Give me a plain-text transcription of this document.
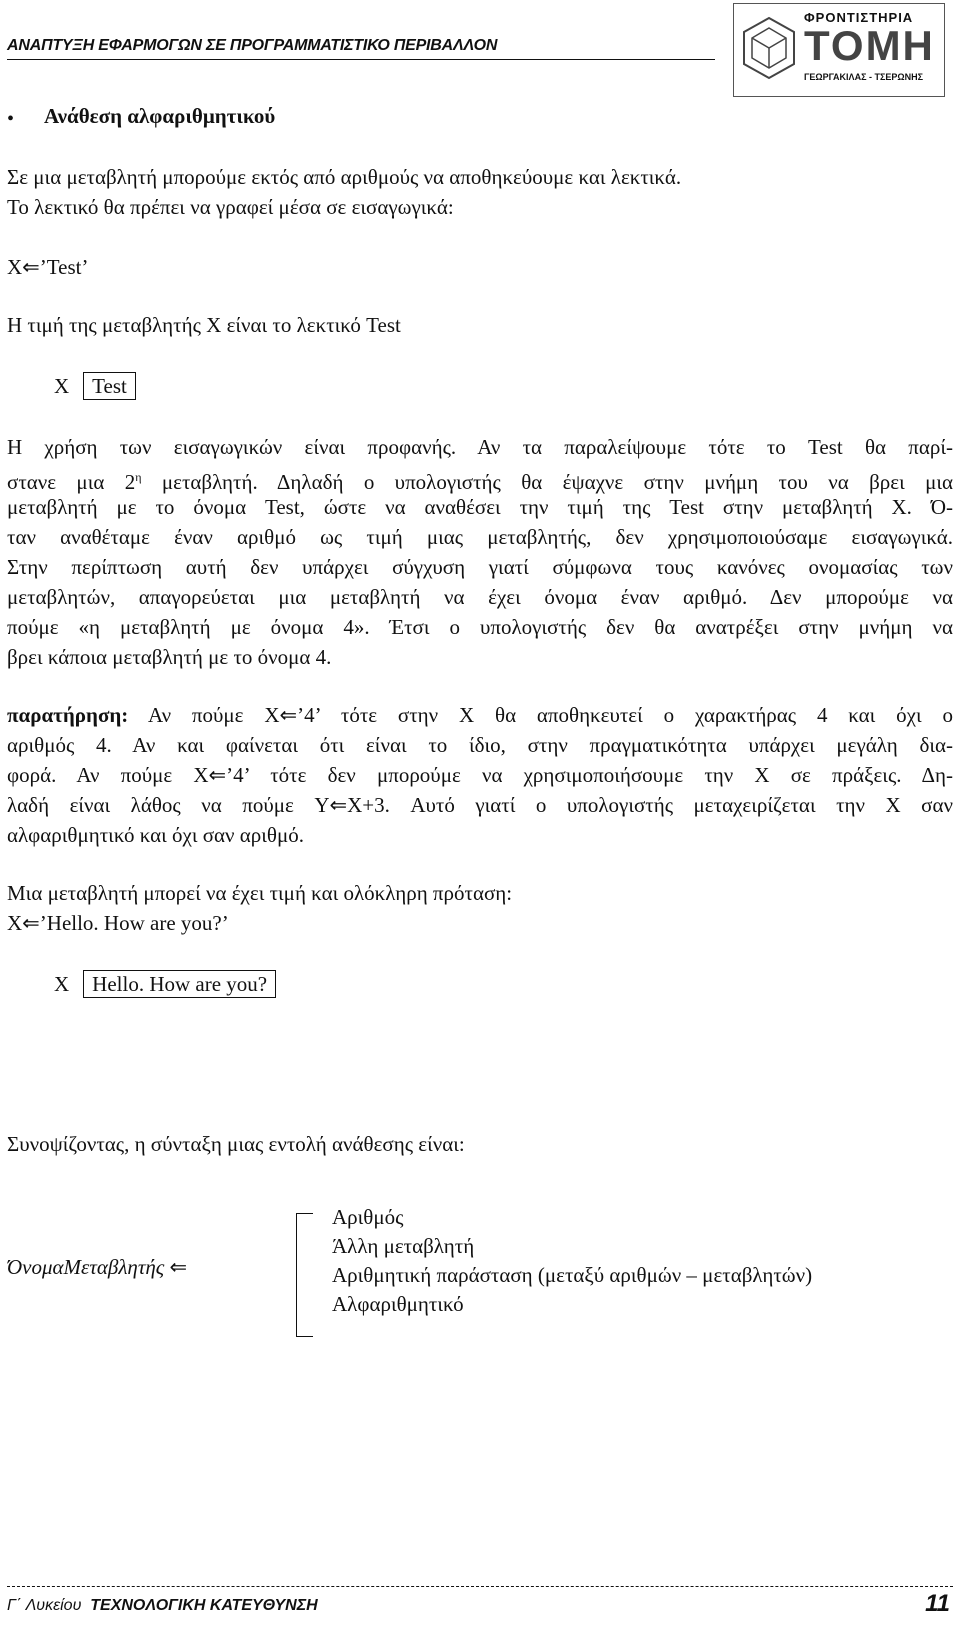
ΑΝΑΠΤΥΞΗ ΕΦΑΡΜΟΓΩΝ ΣΕ ΠΡΟΓΡΑΜΜΑΤΙΣΤΙΚΟ ΠΕΡΙΒΑΛΛΟΝ
ΦΡΟΝΤΙΣΤΗΡΙΑ
ΤΟΜΗ
ΓΕΩΡΓΑΚΙΛΑΣ - ΤΣΕΡΩΝΗΣ
• Ανάθεση αλφαριθμητικού
Σε μια μεταβλητή μπορούμε εκτός από αριθμούς να αποθηκεύουμε και λεκτικά.
Το λεκτικό θα πρέπει να γραφεί μέσα σε εισαγωγικά:
X⇐’Test’
Η τιμή της μεταβλητής X είναι το λεκτικό Test
X Test
Η χρήση των εισαγωγικών είναι προφανής. Αν τα παραλείψουμε τότε το Test θα παρί-
στανε μια $2^\eta$ μεταβλητή. Δηλαδή ο υπολογιστής θα έψαχνε στην μνήμη του να βρει μια
μεταβλητή με το όνομα Test, ώστε να αναθέσει την τιμή της Test στην μεταβλητή X. Ό-
ταν αναθέταμε έναν αριθμό ως τιμή μιας μεταβλητής, δεν χρησιμοποιούσαμε εισαγωγικά.
Στην περίπτωση αυτή δεν υπάρχει σύγχυση γιατί σύμφωνα τους κανόνες ονομασίας των
μεταβλητών, απαγορεύεται μια μεταβλητή να έχει όνομα έναν αριθμό. Δεν μπορούμε να
πούμε «η μεταβλητή με όνομα 4». Έτσι ο υπολογιστής δεν θα ανατρέξει στην μνήμη να
βρει κάποια μεταβλητή με το όνομα 4.
παρατήρηση: Αν πούμε X⇐’4’ τότε στην X θα αποθηκευτεί ο χαρακτήρας 4 και όχι ο
αριθμός 4. Αν και φαίνεται ότι είναι το ίδιο, στην πραγματικότητα υπάρχει μεγάλη δια-
φορά. Αν πούμε X⇐’4’ τότε δεν μπορούμε να χρησιμοποιήσουμε την X σε πράξεις. Δη-
λαδή είναι λάθος να πούμε Y⇐X+3. Αυτό γιατί ο υπολογιστής μεταχειρίζεται την X σαν
αλφαριθμητικό και όχι σαν αριθμό.
Μια μεταβλητή μπορεί να έχει τιμή και ολόκληρη πρόταση:
X⇐’Hello. How are you?’
X Hello. How are you?
Συνοψίζοντας, η σύνταξη μιας εντολή ανάθεσης είναι:
ΌνομαΜεταβλητής ⇐
Αριθμός
Άλλη μεταβλητή
Αριθμητική παράσταση (μεταξύ αριθμών – μεταβλητών)
Αλφαριθμητικό
Γ΄ Λυκείου ΤΕΧΝΟΛΟΓΙΚΗ ΚΑΤΕΥΘΥΝΣΗ	11
